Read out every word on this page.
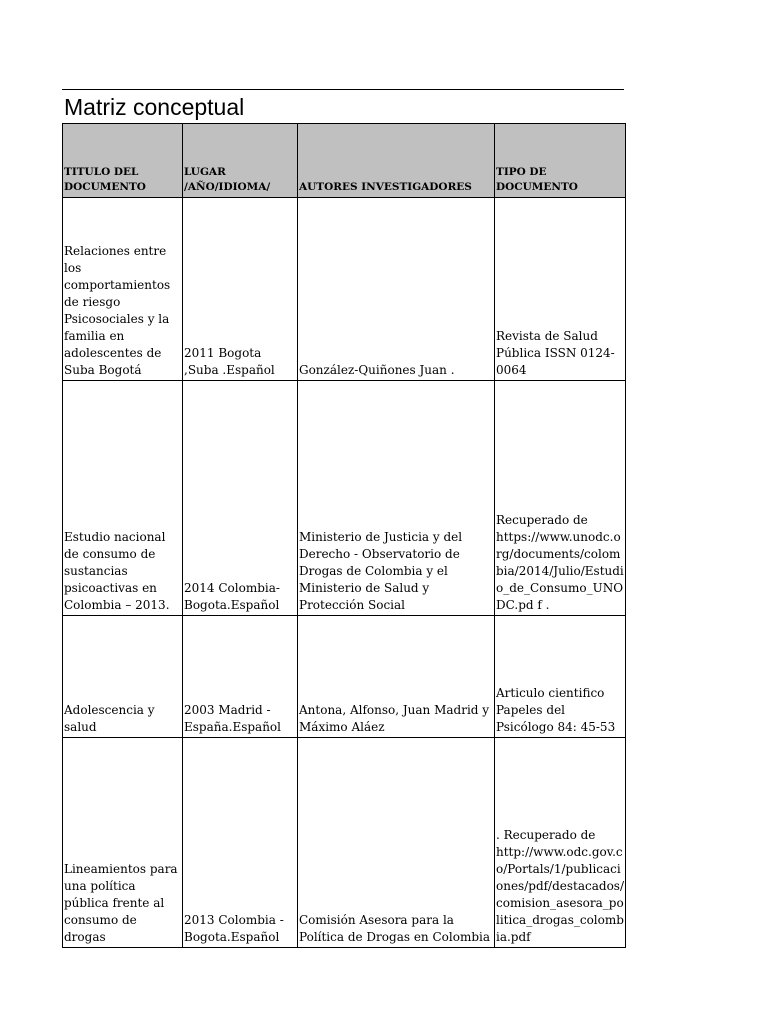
Matriz conceptual
TITULO DEL DOCUMENTO	LUGAR /AÑO/IDIOMA/	AUTORES INVESTIGADORES	TIPO DE DOCUMENTO
Relaciones entre los comportamientos de riesgo Psicosociales y la familia en adolescentes de Suba Bogotá	2011 Bogota ,Suba .Español	González-Quiñones Juan .	Revista de Salud Pública ISSN 0124-0064
Estudio nacional de consumo de sustancias psicoactivas en Colombia – 2013.	2014 Colombia-Bogota.Español	Ministerio de Justicia y del Derecho - Observatorio de Drogas de Colombia y el Ministerio de Salud y Protección Social	Recuperado de https://www.unodc.org/documents/colombia/2014/Julio/Estudio_de_Consumo_UNODC.pd f .
Adolescencia y salud	2003 Madrid -España.Español	Antona, Alfonso, Juan Madrid y Máximo Aláez	Articulo cientifico Papeles del Psicólogo 84: 45-53
Lineamientos para una política pública frente al consumo de drogas	2013 Colombia -Bogota.Español	Comisión Asesora para la Política de Drogas en Colombia	. Recuperado de http://www.odc.gov.co/Portals/1/publicaciones/pdf/destacados/ comision_asesora_politica_drogas_colombia.pdf
